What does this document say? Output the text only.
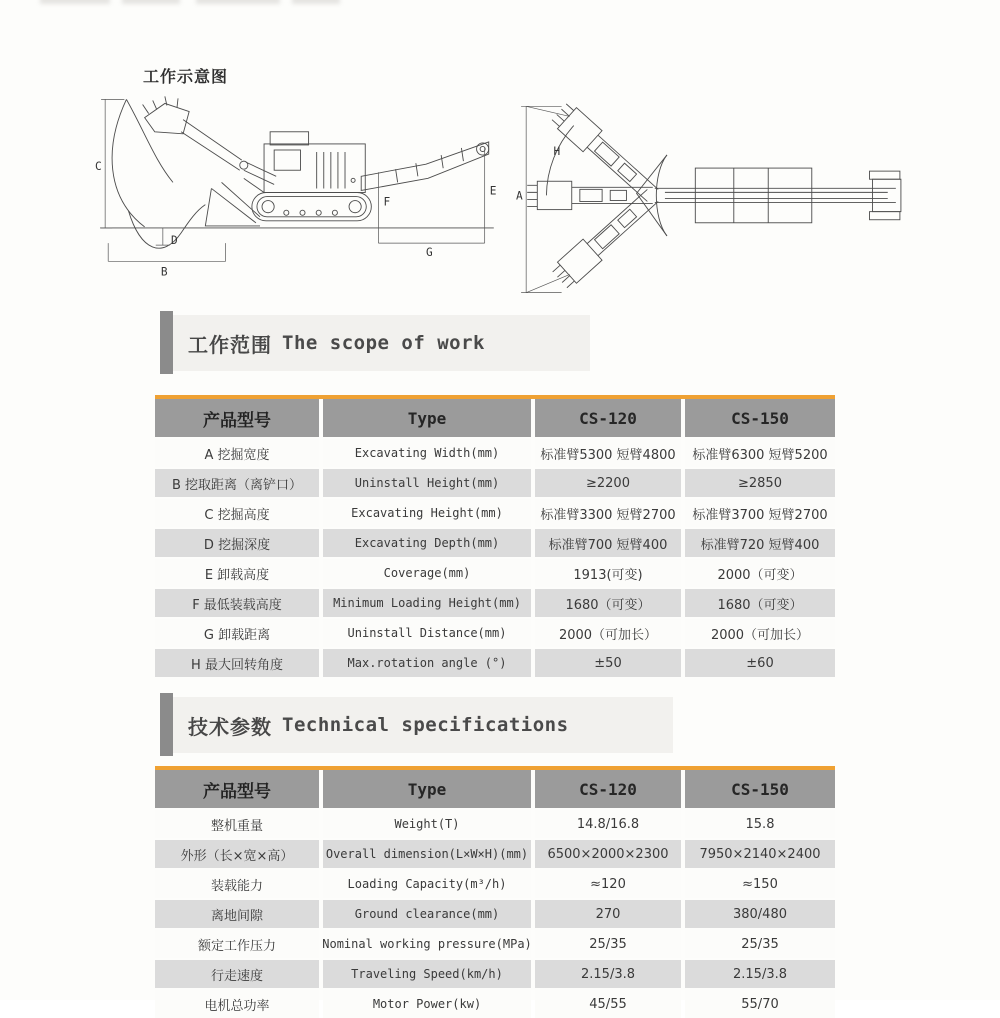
工作示意图
C
D
B
F
E
G
H
A
工作范围 The scope of work
产品型号	Type	CS-120	CS-150
A 挖掘宽度	Excavating Width(mm)	标准臂5300 短臂4800	标准臂6300 短臂5200
B 挖取距离（离铲口）	Uninstall Height(mm)	≥2200	≥2850
C 挖掘高度	Excavating Height(mm)	标准臂3300 短臂2700	标准臂3700 短臂2700
D 挖掘深度	Excavating Depth(mm)	标准臂700 短臂400	标准臂720 短臂400
E 卸载高度	Coverage(mm)	1913(可变)	2000（可变）
F 最低装载高度	Minimum Loading Height(mm)	1680（可变）	1680（可变）
G 卸载距离	Uninstall Distance(mm)	2000（可加长）	2000（可加长）
H 最大回转角度	Max.rotation angle (°)	±50	±60
技术参数 Technical specifications
产品型号	Type	CS-120	CS-150
整机重量	Weight(T)	14.8/16.8	15.8
外形（长×宽×高）	Overall dimension(L×W×H)(mm)	6500×2000×2300	7950×2140×2400
装载能力	Loading Capacity(m³/h)	≈120	≈150
离地间隙	Ground clearance(mm)	270	380/480
额定工作压力	Nominal working pressure(MPa)	25/35	25/35
行走速度	Traveling Speed(km/h)	2.15/3.8	2.15/3.8
电机总功率	Motor Power(kw)	45/55	55/70
